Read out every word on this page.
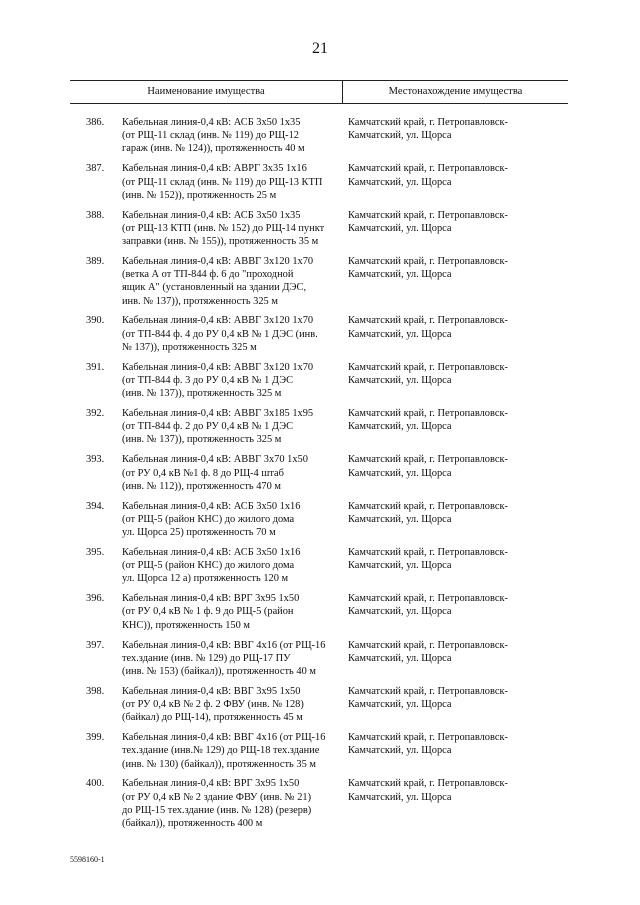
21
Наименование имущества	Местонахождение имущества
386. Кабельная линия-0,4 кВ: АСБ 3x50 1x35
(от РЩ-11 склад (инв. № 119) до РЩ-12
гараж (инв. № 124)), протяженность 40 м
Камчатский край, г. Петропавловск-
Камчатский, ул. Щорса
387. Кабельная линия-0,4 кВ: АВРГ 3x35 1x16
(от РЩ-11 склад (инв. № 119) до РЩ-13 КТП
(инв. № 152)), протяженность 25 м
Камчатский край, г. Петропавловск-
Камчатский, ул. Щорса
388. Кабельная линия-0,4 кВ: АСБ 3x50 1x35
(от РЩ-13 КТП (инв. № 152) до РЩ-14 пункт
заправки (инв. № 155)), протяженность 35 м
Камчатский край, г. Петропавловск-
Камчатский, ул. Щорса
389. Кабельная линия-0,4 кВ: АВВГ 3x120 1x70
(ветка А от ТП-844 ф. 6 до "проходной
ящик А" (установленный на здании ДЭС,
инв. № 137)), протяженность 325 м
Камчатский край, г. Петропавловск-
Камчатский, ул. Щорса
390. Кабельная линия-0,4 кВ: АВВГ 3x120 1x70
(от ТП-844 ф. 4 до РУ 0,4 кВ № 1 ДЭС (инв.
№ 137)), протяженность 325 м
Камчатский край, г. Петропавловск-
Камчатский, ул. Щорса
391. Кабельная линия-0,4 кВ: АВВГ 3x120 1x70
(от ТП-844 ф. 3 до РУ 0,4 кВ № 1 ДЭС
(инв. № 137)), протяженность 325 м
Камчатский край, г. Петропавловск-
Камчатский, ул. Щорса
392. Кабельная линия-0,4 кВ: АВВГ 3x185 1x95
(от ТП-844 ф. 2 до РУ 0,4 кВ № 1 ДЭС
(инв. № 137)), протяженность 325 м
Камчатский край, г. Петропавловск-
Камчатский, ул. Щорса
393. Кабельная линия-0,4 кВ: АВВГ 3x70 1x50
(от РУ 0,4 кВ №1 ф. 8 до РЩ-4 штаб
(инв. № 112)), протяженность 470 м
Камчатский край, г. Петропавловск-
Камчатский, ул. Щорса
394. Кабельная линия-0,4 кВ: АСБ 3x50 1x16
(от РЩ-5 (район КНС) до жилого дома
ул. Щорса 25) протяженность 70 м
Камчатский край, г. Петропавловск-
Камчатский, ул. Щорса
395. Кабельная линия-0,4 кВ: АСБ 3x50 1x16
(от РЩ-5 (район КНС) до жилого дома
ул. Щорса 12 а) протяженность 120 м
Камчатский край, г. Петропавловск-
Камчатский, ул. Щорса
396. Кабельная линия-0,4 кВ: ВРГ 3x95 1x50
(от РУ 0,4 кВ № 1 ф. 9 до РЩ-5 (район
КНС)), протяженность 150 м
Камчатский край, г. Петропавловск-
Камчатский, ул. Щорса
397. Кабельная линия-0,4 кВ: ВВГ 4x16 (от РЩ-16
тех.здание (инв. № 129) до РЩ-17 ПУ
(инв. № 153) (байкал)), протяженность 40 м
Камчатский край, г. Петропавловск-
Камчатский, ул. Щорса
398. Кабельная линия-0,4 кВ: ВВГ 3x95 1x50
(от РУ 0,4 кВ № 2 ф. 2 ФВУ (инв. № 128)
(байкал) до РЩ-14), протяженность 45 м
Камчатский край, г. Петропавловск-
Камчатский, ул. Щорса
399. Кабельная линия-0,4 кВ: ВВГ 4x16 (от РЩ-16
тех.здание (инв.№ 129) до РЩ-18 тех.здание
(инв. № 130) (байкал)), протяженность 35 м
Камчатский край, г. Петропавловск-
Камчатский, ул. Щорса
400. Кабельная линия-0,4 кВ: ВРГ 3x95 1x50
(от РУ 0,4 кВ № 2 здание ФВУ (инв. № 21)
до РЩ-15 тех.здание (инв. № 128) (резерв)
(байкал)), протяженность 400 м
Камчатский край, г. Петропавловск-
Камчатский, ул. Щорса
5598160-1
